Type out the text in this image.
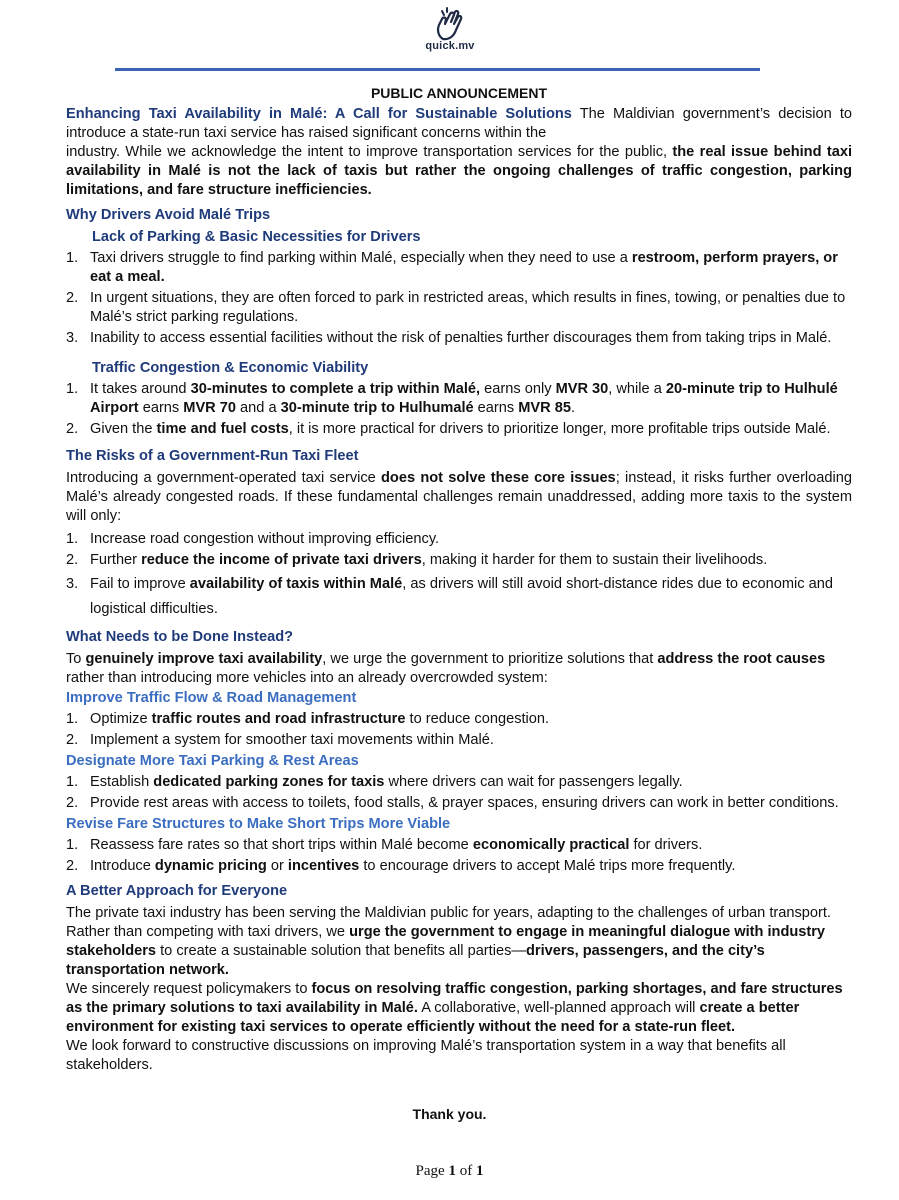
quick.mv

PUBLIC ANNOUNCEMENT

Enhancing Taxi Availability in Malé: A Call for Sustainable Solutions The Maldivian government’s decision to introduce a state-run taxi service has raised significant concerns within the
industry. While we acknowledge the intent to improve transportation services for the public, the real issue behind taxi availability in Malé is not the lack of taxis but rather the ongoing challenges of traffic congestion, parking limitations, and fare structure inefficiencies.

Why Drivers Avoid Malé Trips

Lack of Parking & Basic Necessities for Drivers

1. Taxi drivers struggle to find parking within Malé, especially when they need to use a restroom, perform prayers, or eat a meal.

2. In urgent situations, they are often forced to park in restricted areas, which results in fines, towing, or penalties due to Malé’s strict parking regulations.

3. Inability to access essential facilities without the risk of penalties further discourages them from taking trips in Malé.

Traffic Congestion & Economic Viability

1. It takes around 30-minutes to complete a trip within Malé, earns only MVR 30, while a 20-minute trip to Hulhulé Airport earns MVR 70 and a 30-minute trip to Hulhumalé earns MVR 85.

2. Given the time and fuel costs, it is more practical for drivers to prioritize longer, more profitable trips outside Malé.

The Risks of a Government-Run Taxi Fleet

Introducing a government-operated taxi service does not solve these core issues; instead, it risks further overloading Malé’s already congested roads. If these fundamental challenges remain unaddressed, adding more taxis to the system will only:

1. Increase road congestion without improving efficiency.

2. Further reduce the income of private taxi drivers, making it harder for them to sustain their livelihoods.

3. Fail to improve availability of taxis within Malé, as drivers will still avoid short-distance rides due to economic and logistical difficulties.

What Needs to be Done Instead?

To genuinely improve taxi availability, we urge the government to prioritize solutions that address the root causes rather than introducing more vehicles into an already overcrowded system:

Improve Traffic Flow & Road Management

1. Optimize traffic routes and road infrastructure to reduce congestion.

2. Implement a system for smoother taxi movements within Malé.

Designate More Taxi Parking & Rest Areas

1. Establish dedicated parking zones for taxis where drivers can wait for passengers legally.

2. Provide rest areas with access to toilets, food stalls, & prayer spaces, ensuring drivers can work in better conditions.

Revise Fare Structures to Make Short Trips More Viable

1. Reassess fare rates so that short trips within Malé become economically practical for drivers.

2. Introduce dynamic pricing or incentives to encourage drivers to accept Malé trips more frequently.

A Better Approach for Everyone

The private taxi industry has been serving the Maldivian public for years, adapting to the challenges of urban transport. Rather than competing with taxi drivers, we urge the government to engage in meaningful dialogue with industry stakeholders to create a sustainable solution that benefits all parties—drivers, passengers, and the city’s transportation network.

We sincerely request policymakers to focus on resolving traffic congestion, parking shortages, and fare structures as the primary solutions to taxi availability in Malé. A collaborative, well-planned approach will create a better environment for existing taxi services to operate efficiently without the need for a state-run fleet.

We look forward to constructive discussions on improving Malé’s transportation system in a way that benefits all stakeholders.

Thank you.
Page 1 of 1
